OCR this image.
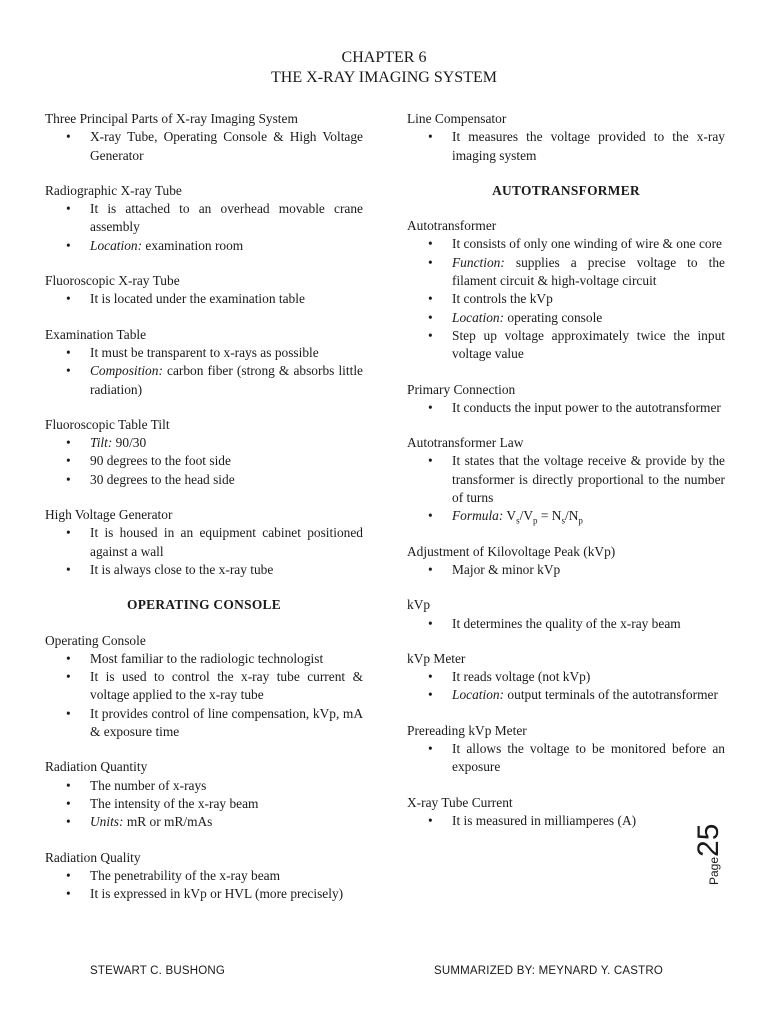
CHAPTER 6
THE X-RAY IMAGING SYSTEM
Three Principal Parts of X-ray Imaging System
• X-ray Tube, Operating Console & High Voltage Generator
Radiographic X-ray Tube
• It is attached to an overhead movable crane assembly
• Location: examination room
Fluoroscopic X-ray Tube
• It is located under the examination table
Examination Table
• It must be transparent to x-rays as possible
• Composition: carbon fiber (strong & absorbs little radiation)
Fluoroscopic Table Tilt
• Tilt: 90/30
• 90 degrees to the foot side
• 30 degrees to the head side
High Voltage Generator
• It is housed in an equipment cabinet positioned against a wall
• It is always close to the x-ray tube
OPERATING CONSOLE
Operating Console
• Most familiar to the radiologic technologist
• It is used to control the x-ray tube current & voltage applied to the x-ray tube
• It provides control of line compensation, kVp, mA & exposure time
Radiation Quantity
• The number of x-rays
• The intensity of the x-ray beam
• Units: mR or mR/mAs
Radiation Quality
• The penetrability of the x-ray beam
• It is expressed in kVp or HVL (more precisely)
Line Compensator
• It measures the voltage provided to the x-ray imaging system
AUTOTRANSFORMER
Autotransformer
• It consists of only one winding of wire & one core
• Function: supplies a precise voltage to the filament circuit & high-voltage circuit
• It controls the kVp
• Location: operating console
• Step up voltage approximately twice the input voltage value
Primary Connection
• It conducts the input power to the autotransformer
Autotransformer Law
• It states that the voltage receive & provide by the transformer is directly proportional to the number of turns
• Formula: $V_s/V_p = N_s/N_p$
Adjustment of Kilovoltage Peak (kVp)
• Major & minor kVp
kVp
• It determines the quality of the x-ray beam
kVp Meter
• It reads voltage (not kVp)
• Location: output terminals of the autotransformer
Prereading kVp Meter
• It allows the voltage to be monitored before an exposure
X-ray Tube Current
• It is measured in milliamperes (A)
Page25
STEWART C. BUSHONG	SUMMARIZED BY: MEYNARD Y. CASTRO
